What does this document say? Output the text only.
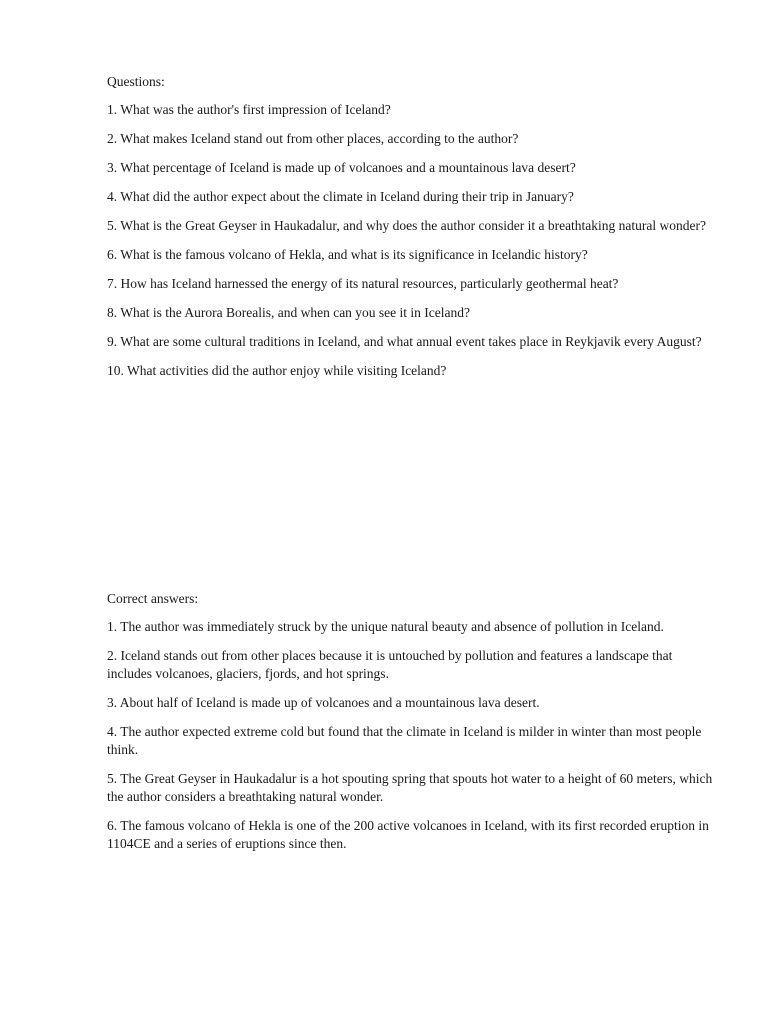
Questions:

1. What was the author's first impression of Iceland?

2. What makes Iceland stand out from other places, according to the author?

3. What percentage of Iceland is made up of volcanoes and a mountainous lava desert?

4. What did the author expect about the climate in Iceland during their trip in January?

5. What is the Great Geyser in Haukadalur, and why does the author consider it a breathtaking natural wonder?

6. What is the famous volcano of Hekla, and what is its significance in Icelandic history?

7. How has Iceland harnessed the energy of its natural resources, particularly geothermal heat?

8. What is the Aurora Borealis, and when can you see it in Iceland?

9. What are some cultural traditions in Iceland, and what annual event takes place in Reykjavik every August?

10. What activities did the author enjoy while visiting Iceland?

Correct answers:

1. The author was immediately struck by the unique natural beauty and absence of pollution in Iceland.

2. Iceland stands out from other places because it is untouched by pollution and features a landscape that includes volcanoes, glaciers, fjords, and hot springs.

3. About half of Iceland is made up of volcanoes and a mountainous lava desert.

4. The author expected extreme cold but found that the climate in Iceland is milder in winter than most people think.

5. The Great Geyser in Haukadalur is a hot spouting spring that spouts hot water to a height of 60 meters, which the author considers a breathtaking natural wonder.

6. The famous volcano of Hekla is one of the 200 active volcanoes in Iceland, with its first recorded eruption in 1104CE and a series of eruptions since then.
